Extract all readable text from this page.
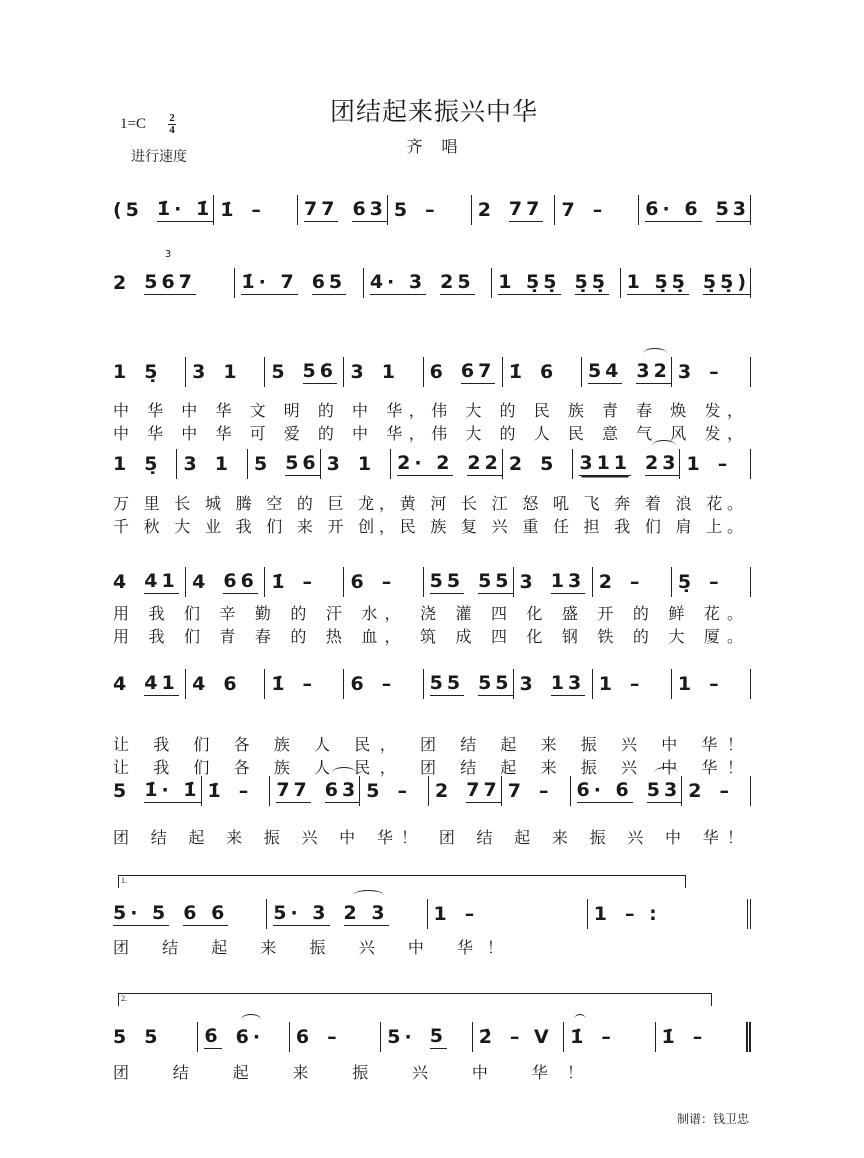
团结起来振兴中华
齐 唱
1=C 2
4
进行速度
1.
2.
(5 1̇· 1̇ 1̇ – 77 63 5 – 2 77 7 – 6· 6 53
2 567 3 1̇· 7 65 4· 3 25 1 5̣5̣ 5̣5̣ 1 5̣5̣ 5̣5̣)
1 5̣ 3 1 5 56 3 1 6 67 1̇ 6 54 32 3 –
中 华 中 华 文 明 的 中 华，伟 大 的 民 族 青 春 焕 发，
中 华 中 华 可 爱 的 中 华，伟 大 的 人 民 意 气 风 发，
1 5̣ 3 1 5 56 3 1 2· 2 22 2 5 311 23 1 –
万 里 长 城 腾 空 的 巨 龙，黄 河 长 江 怒 吼 飞 奔 着 浪 花。
千 秋 大 业 我 们 来 开 创，民 族 复 兴 重 任 担 我 们 肩 上。
4 41 4 66 1̇ – 6 – 55 55 3 13 2 – 5̣ –
用 我 们 辛 勤 的 汗 水， 浇 灌 四 化 盛 开 的 鲜 花。
用 我 们 青 春 的 热 血， 筑 成 四 化 钢 铁 的 大 厦。
4 41 4 6 1̇ – 6 – 55 55 3 13 1 – 1 –
让 我 们 各 族 人 民， 团 结 起 来 振 兴 中 华！
让 我 们 各 族 人 民， 团 结 起 来 振 兴 中 华！
5 1̇· 1̇ 1̇ – 77 63 5 – 2 77 7 – 6· 6 53 2 –
团 结 起 来 振 兴 中 华！ 团 结 起 来 振 兴 中 华！
5· 5 6 6 5· 3 2 3 1 –	1 – :
团 结 起 来 振 兴 中 华！
5 5 6 6· 6 – 5· 5 2̇ – V 1̇ – 1̇ –
团 结 起 来 振 兴 中 华！
制谱：钱卫忠
